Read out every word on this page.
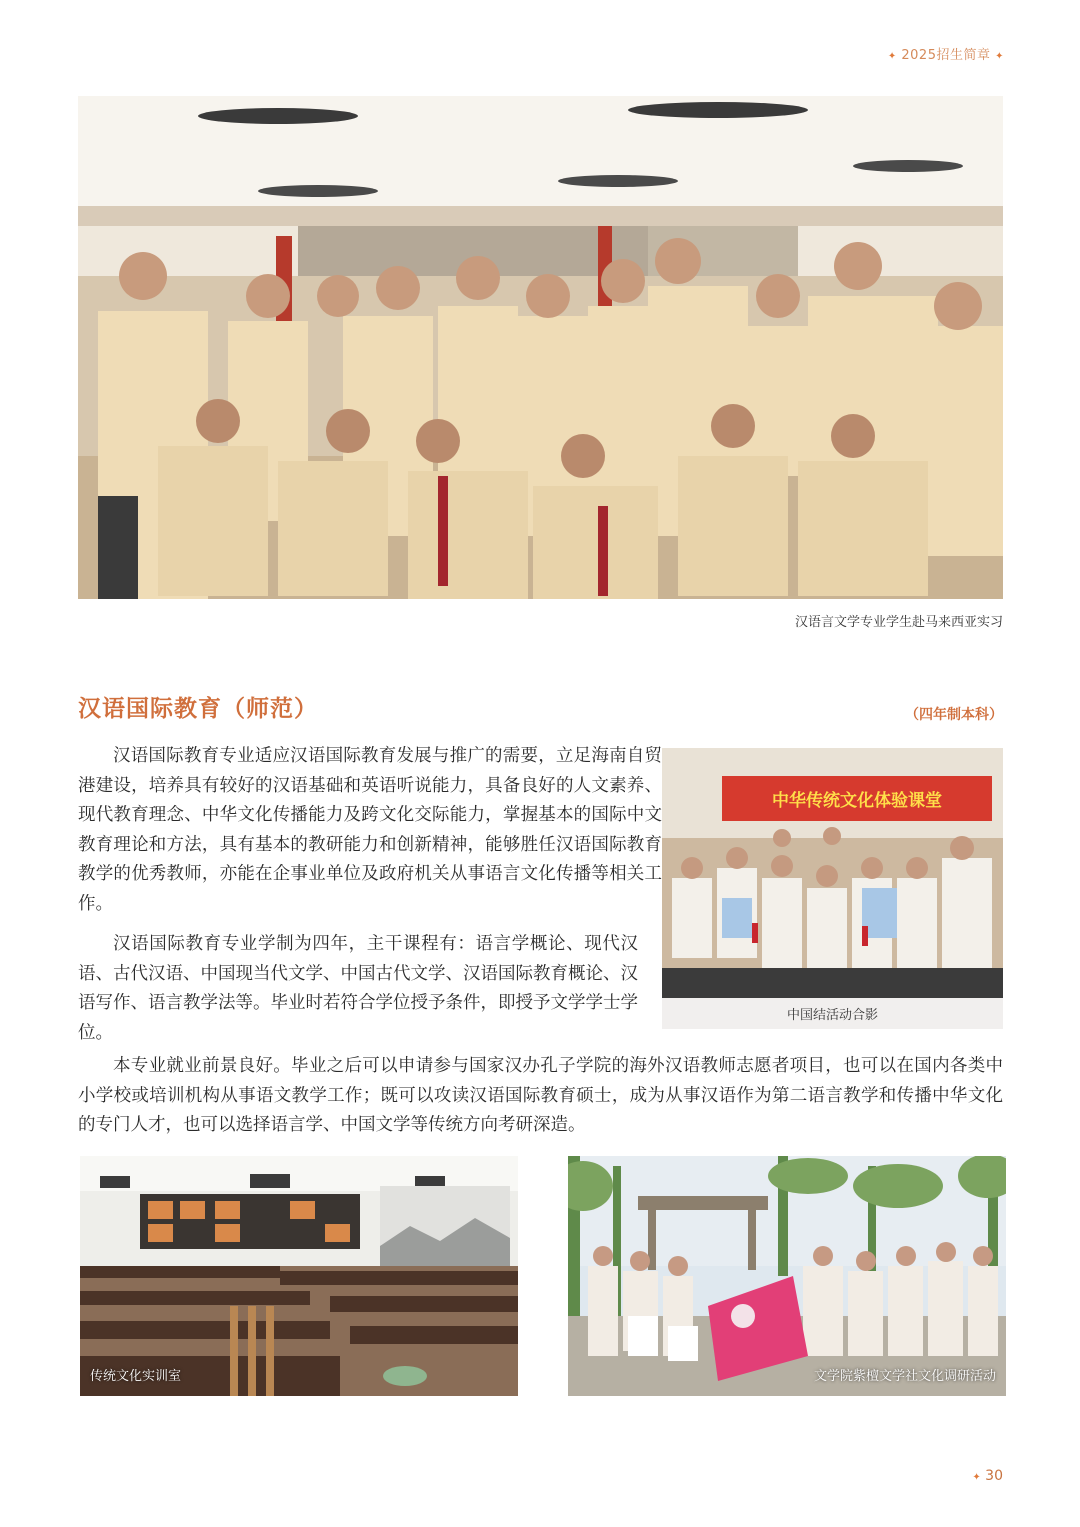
✦ 2025招生简章 ✦
汉语言文学专业学生赴马来西亚实习
汉语国际教育（师范）	（四年制本科）

汉语国际教育专业适应汉语国际教育发展与推广的需要，立足海南自贸港建设，培养具有较好的汉语基础和英语听说能力，具备良好的人文素养、现代教育理念、中华文化传播能力及跨文化交际能力，掌握基本的国际中文教育理论和方法，具有基本的教研能力和创新精神，能够胜任汉语国际教育教学的优秀教师，亦能在企事业单位及政府机关从事语言文化传播等相关工作。

汉语国际教育专业学制为四年，主干课程有：语言学概论、现代汉语、古代汉语、中国现当代文学、中国古代文学、汉语国际教育概论、汉语写作、语言教学法等。毕业时若符合学位授予条件，即授予文学学士学位。

本专业就业前景良好。毕业之后可以申请参与国家汉办孔子学院的海外汉语教师志愿者项目，也可以在国内各类中小学校或培训机构从事语文教学工作；既可以攻读汉语国际教育硕士，成为从事汉语作为第二语言教学和传播中华文化的专门人才，也可以选择语言学、中国文学等传统方向考研深造。

中华传统文化体验课堂
中国结活动合影
传统文化实训室	文学院紫檀文学社文化调研活动
✦ 30
